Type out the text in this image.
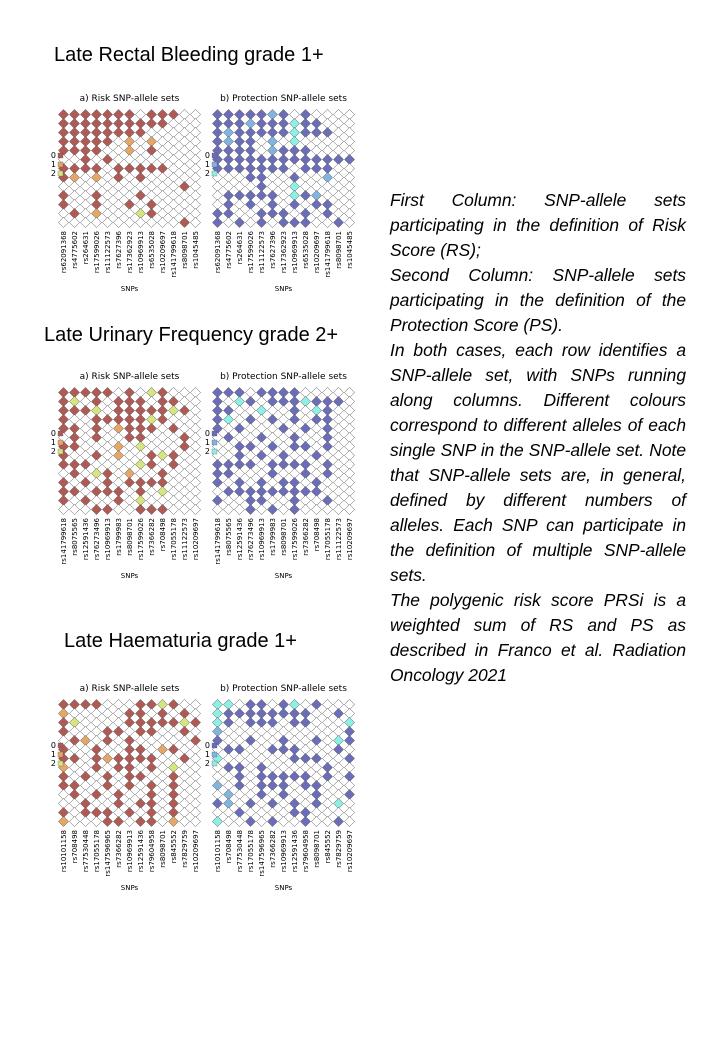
Late Rectal Bleeding grade 1+
a) Risk SNP-allele sets
rs62091368 rs4775602 rs264631 rs17599026 rs11122573 rs7627396 rs17362923 rs10969913 rs6535028 rs10209697 rs141799618 rs8098701 rs1045485
SNPs
0
1
2
b) Protection SNP-allele sets
rs62091368 rs4775602 rs264631 rs17599026 rs11122573 rs7627396 rs17362923 rs10969913 rs6535028 rs10209697 rs141799618 rs8098701 rs1045485
SNPs
0
1
2
Late Urinary Frequency grade 2+
a) Risk SNP-allele sets
rs141799618 rs8075565 rs12591436 rs76273496 rs10969913 rs1799983 rs8098701 rs17599026 rs7366282 rs708498 rs17055178 rs11122573 rs10209697
SNPs
0
1
2
b) Protection SNP-allele sets
rs141799618 rs8075565 rs12591436 rs76273496 rs10969913 rs1799983 rs8098701 rs17599026 rs7366282 rs708498 rs17055178 rs11122573 rs10209697
SNPs
0
1
2
Late Haematuria grade 1+
a) Risk SNP-allele sets
rs10101158 rs708498 rs77530448 rs17055178 rs147596965 rs7366282 rs10969913 rs12591436 rs79604958 rs8098701 rs845552 rs7829759 rs10209697
SNPs
0
1
2
b) Protection SNP-allele sets
rs10101158 rs708498 rs77530448 rs17055178 rs147596965 rs7366282 rs10969913 rs12591436 rs79604958 rs8098701 rs845552 rs7829759 rs10209697
SNPs
0
1
2

First Column: SNP-allele sets participating in the definition of Risk Score (RS);

Second Column: SNP-allele sets participating in the definition of the Protection Score (PS).

In both cases, each row identifies a SNP-allele set, with SNPs running along columns. Different colours correspond to different alleles of each single SNP in the SNP-allele set. Note that SNP-allele sets are, in general, defined by different numbers of alleles. Each SNP can participate in the definition of multiple SNP-allele sets.

The polygenic risk score PRSi is a weighted sum of RS and PS as described in Franco et al. Radiation Oncology 2021
